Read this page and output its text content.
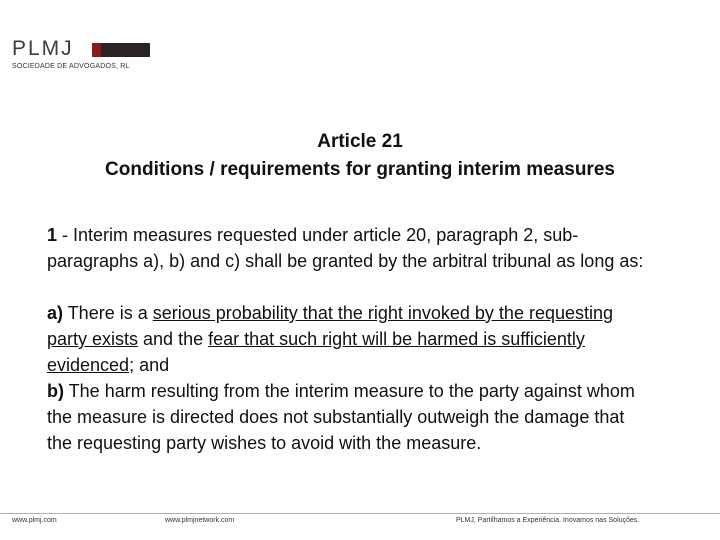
PLMJ
SOCIEDADE DE ADVOGADOS, RL
Article 21
Conditions / requirements for granting interim measures

1 - Interim measures requested under article 20, paragraph 2, sub-paragraphs a), b) and c) shall be granted by the arbitral tribunal as long as:

a) There is a serious probability that the right invoked by the requesting party exists and the fear that such right will be harmed is sufficiently evidenced; and

b) The harm resulting from the interim measure to the party against whom the measure is directed does not substantially outweigh the damage that the requesting party wishes to avoid with the measure.

www.plmj.com	www.plmjnetwork.com	PLMJ, Partilhamos a Experiência. Inovamos nas Soluções.
